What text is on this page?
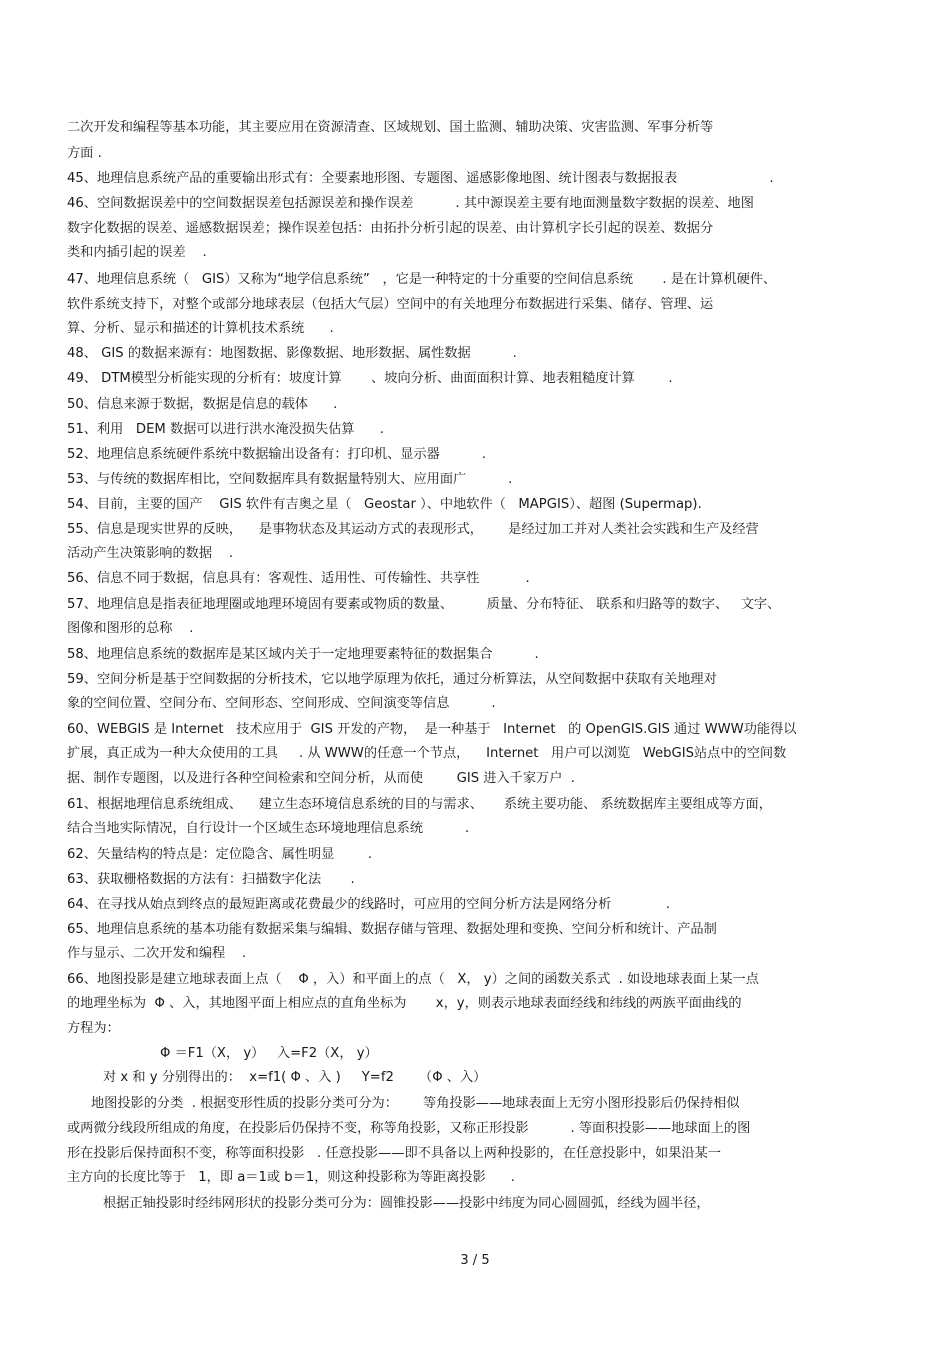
二次开发和编程等基本功能，其主要应用在资源清查、区域规划、国土监测、辅助决策、灾害监测、军事分析等
方面 .
45、地理信息系统产品的重要输出形式有：全要素地形图、专题图、遥感影像地图、统计图表与数据报表                      .
46、空间数据误差中的空间数据误差包括源误差和操作误差          . 其中源误差主要有地面测量数字数据的误差、地图
数字化数据的误差、遥感数据误差；操作误差包括：由拓扑分析引起的误差、由计算机字长引起的误差、数据分
类和内插引起的误差    .
47、地理信息系统（   GIS）又称为“地学信息系统”   ，它是一种特定的十分重要的空间信息系统       . 是在计算机硬件、
软件系统支持下，对整个或部分地球表层（包括大气层）空间中的有关地理分布数据进行采集、储存、管理、运
算、分析、显示和描述的计算机技术系统      .
48、 GIS 的数据来源有：地图数据、影像数据、地形数据、属性数据          .
49、 DTM模型分析能实现的分析有：坡度计算       、坡向分析、曲面面积计算、地表粗糙度计算        .
50、信息来源于数据，数据是信息的载体      .
51、利用   DEM 数据可以进行洪水淹没损失估算      .
52、地理信息系统硬件系统中数据输出设备有：打印机、显示器          .
53、与传统的数据库相比，空间数据库具有数据量特别大、应用面广          .
54、目前，主要的国产    GIS 软件有吉奥之星（   Geostar ）、中地软件（   MAPGIS）、超图 (Supermap).
55、信息是现实世界的反映，    是事物状态及其运动方式的表现形式，      是经过加工并对人类社会实践和生产及经营
活动产生决策影响的数据    .
56、信息不同于数据，信息具有：客观性、适用性、可传输性、共享性           .
57、地理信息是指表征地理圈或地理环境固有要素或物质的数量、        质量、分布特征、 联系和归路等的数字、   文字、
图像和图形的总称    .
58、地理信息系统的数据库是某区域内关于一定地理要素特征的数据集合          .
59、空间分析是基于空间数据的分析技术，它以地学原理为依托，通过分析算法，从空间数据中获取有关地理对
象的空间位置、空间分布、空间形态、空间形成、空间演变等信息          .
60、WEBGIS 是 Internet   技术应用于  GIS 开发的产物，  是一种基于   Internet   的 OpenGIS.GIS 通过 WWW功能得以
扩展，真正成为一种大众使用的工具     . 从 WWW的任意一个节点，    Internet   用户可以浏览   WebGIS站点中的空间数
据、制作专题图，以及进行各种空间检索和空间分析，从而使        GIS 进入千家万户  .
61、根据地理信息系统组成、    建立生态环境信息系统的目的与需求、     系统主要功能、 系统数据库主要组成等方面，
结合当地实际情况，自行设计一个区域生态环境地理信息系统          .
62、矢量结构的特点是：定位隐含、属性明显        .
63、获取栅格数据的方法有：扫描数字化法       .
64、在寻找从始点到终点的最短距离或花费最少的线路时，可应用的空间分析方法是网络分析             .
65、地理信息系统的基本功能有数据采集与编辑、数据存储与管理、数据处理和变换、空间分析和统计、产品制
作与显示、二次开发和编程    .
66、地图投影是建立地球表面上点（    Φ ，入）和平面上的点（   X， y）之间的函数关系式  . 如设地球表面上某一点
的地理坐标为  Φ 、入，其地图平面上相应点的直角坐标为       x，y，则表示地球表面经线和纬线的两族平面曲线的
方程为：
Φ ＝F1（X， y）   入=F2（X， y）
对 x 和 y 分别得出的：  x=f1( Φ 、入 )     Y=f2      （Φ 、入）
地图投影的分类  . 根据变形性质的投影分类可分为：      等角投影——地球表面上无穷小图形投影后仍保持相似
或两微分线段所组成的角度，在投影后仍保持不变，称等角投影，又称正形投影          . 等面积投影——地球面上的图
形在投影后保持面积不变，称等面积投影   . 任意投影——即不具备以上两种投影的，在任意投影中，如果沿某一
主方向的长度比等于   1，即 a＝1或 b＝1，则这种投影称为等距离投影      .
根据正轴投影时经纬网形状的投影分类可分为：圆锥投影——投影中纬度为同心圆圆弧，经线为圆半径，
3 / 5
